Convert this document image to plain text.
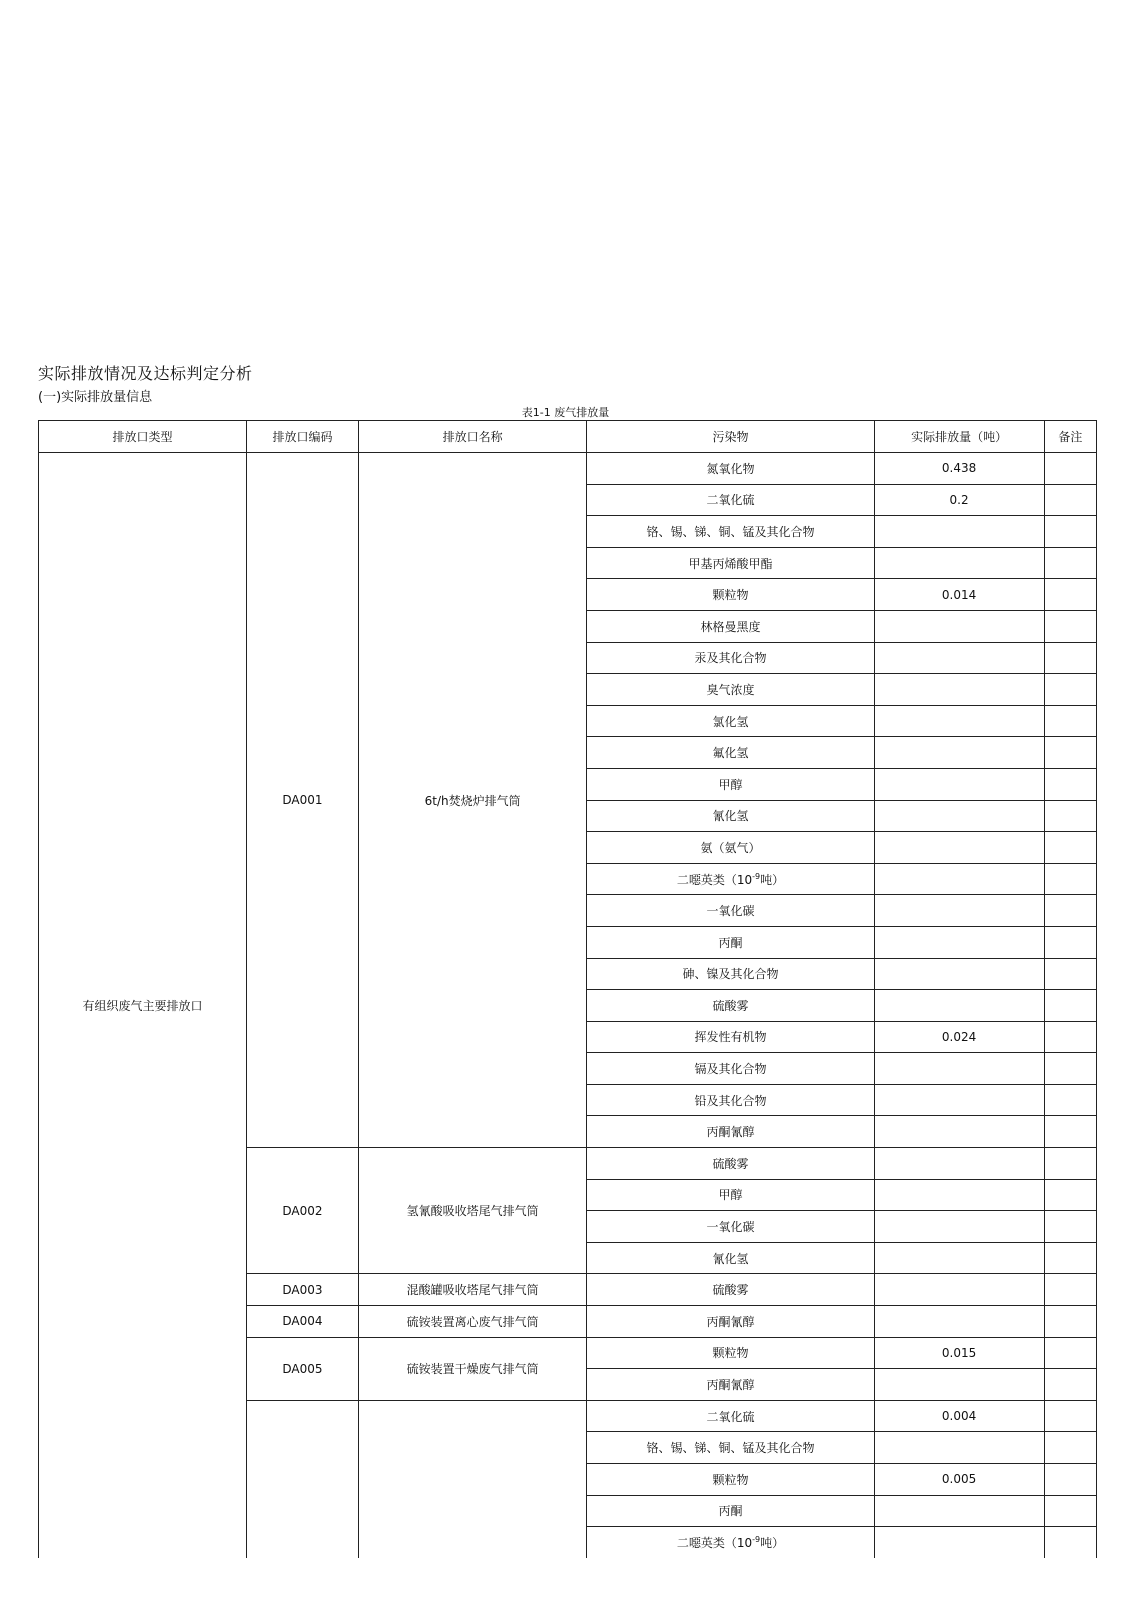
实际排放情况及达标判定分析
(一)实际排放量信息
表1-1 废气排放量
排放口类型	排放口编码	排放口名称	污染物	实际排放量（吨）	备注
有组织废气主要排放口	DA001	6t/h焚烧炉排气筒	氮氧化物	0.438	
			二氧化硫	0.2	
			铬、锡、锑、铜、锰及其化合物		
			甲基丙烯酸甲酯		
			颗粒物	0.014	
			林格曼黑度		
			汞及其化合物		
			臭气浓度		
			氯化氢		
			氟化氢		
			甲醇		
			氰化氢		
			氨（氨气）		
			二噁英类（$10^{-9}$吨）		
			一氧化碳		
			丙酮		
			砷、镍及其化合物		
			硫酸雾		
			挥发性有机物	0.024	
			镉及其化合物		
			铅及其化合物		
			丙酮氰醇		
	DA002	氢氰酸吸收塔尾气排气筒	硫酸雾		
			甲醇		
			一氧化碳		
			氰化氢		
	DA003	混酸罐吸收塔尾气排气筒	硫酸雾		
	DA004	硫铵装置离心废气排气筒	丙酮氰醇		
	DA005	硫铵装置干燥废气排气筒	颗粒物	0.015	
			丙酮氰醇		
			二氧化硫	0.004	
			铬、锡、锑、铜、锰及其化合物		
			颗粒物	0.005	
			丙酮		
			二噁英类（$10^{-9}$吨）		
